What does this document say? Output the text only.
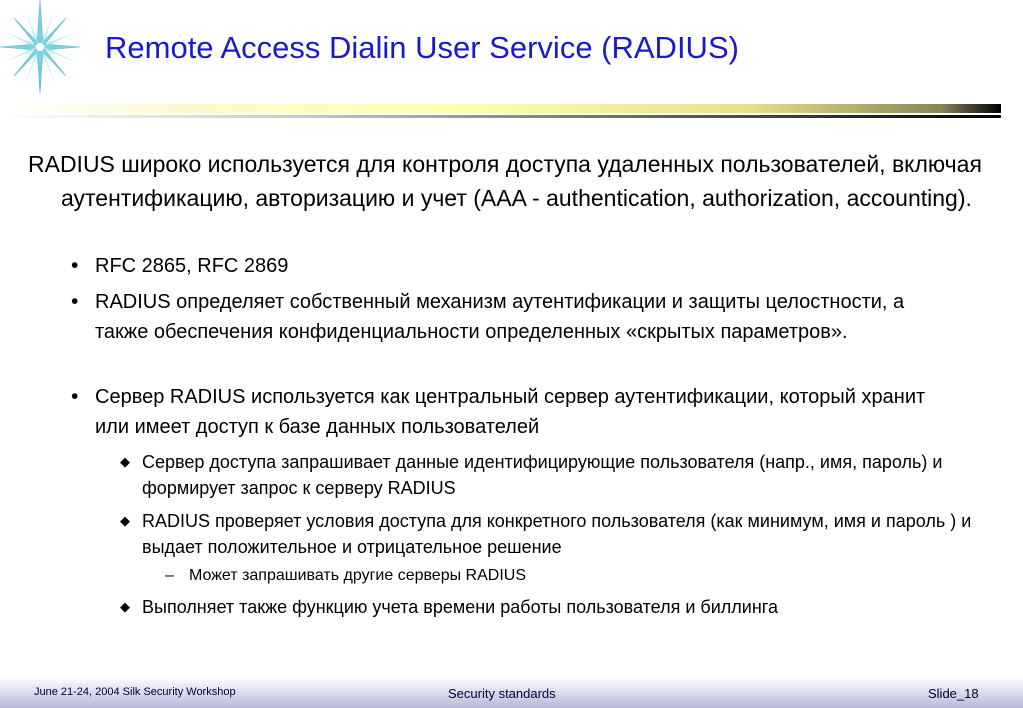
Remote Access Dialin User Service (RADIUS)
RADIUS широко используется для контроля доступа удаленных пользователей, включая аутентификацию, авторизацию и учет (AAA - authentication, authorization, accounting).
• RFC 2865, RFC 2869
• RADIUS определяет собственный механизм аутентификации и защиты целостности, а также обеспечения конфиденциальности определенных «скрытых параметров».
• Сервер RADIUS используется как центральный сервер аутентификации, который хранит или имеет доступ к базе данных пользователей
◆ Сервер доступа запрашивает данные идентифицирующие пользователя (напр., имя, пароль) и формирует запрос к серверу RADIUS
◆ RADIUS проверяет условия доступа для конкретного пользователя (как минимум, имя и пароль ) и выдает положительное и отрицательное решение
– Может запрашивать другие серверы RADIUS
◆ Выполняет также функцию учета времени работы пользователя и биллинга
June 21-24, 2004 Silk Security Workshop	Security standards	Slide_18
